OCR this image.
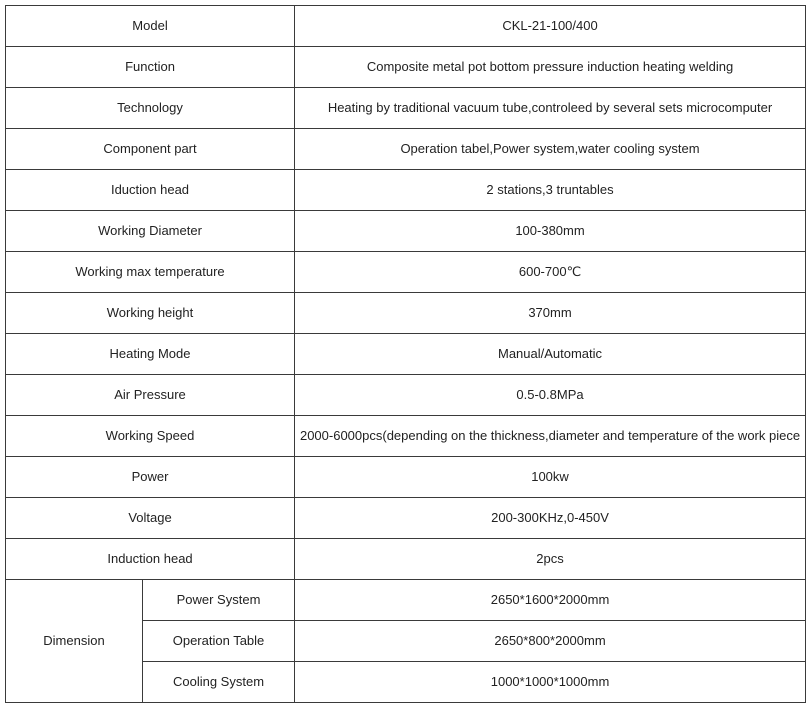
Model		CKL-21-100/400
Function		Composite metal pot bottom pressure induction heating welding
Technology		Heating by traditional vacuum tube,controleed by several sets microcomputer
Component part		Operation tabel,Power system,water cooling system
Iduction head		2 stations,3 truntables
Working Diameter		100-380mm
Working max temperature		600-700℃
Working height		370mm
Heating Mode		Manual/Automatic
Air Pressure		0.5-0.8MPa
Working Speed		2000-6000pcs(depending on the thickness,diameter and temperature of the work piece
Power		100kw
Voltage		200-300KHz,0-450V
Induction head		2pcs
Dimension	Power System	2650*1600*2000mm
	Operation Table	2650*800*2000mm
	Cooling System	1000*1000*1000mm
